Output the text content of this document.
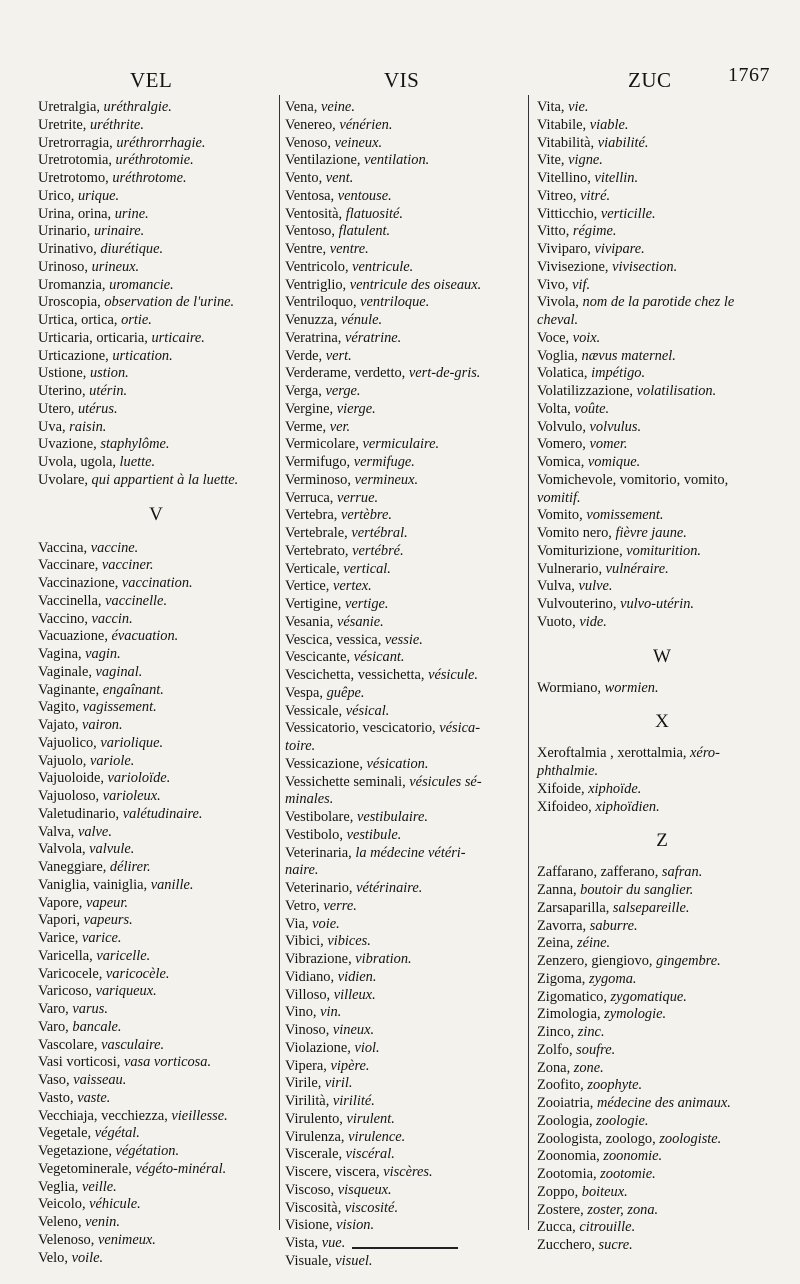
VEL	VIS	ZUC	1767
Uretralgia, uréthralgie.
Uretrite, uréthrite.
Uretrorragia, uréthrorrhagie.
Uretrotomia, uréthrotomie.
Uretrotomo, uréthrotome.
Urico, urique.
Urina, orina, urine.
Urinario, urinaire.
Urinativo, diurétique.
Urinoso, urineux.
Uromanzia, uromancie.
Uroscopia, observation de l'urine.
Urtica, ortica, ortie.
Urticaria, orticaria, urticaire.
Urticazione, urtication.
Ustione, ustion.
Uterino, utérin.
Utero, utérus.
Uva, raisin.
Uvazione, staphylôme.
Uvola, ugola, luette.
Uvolare, qui appartient à la luette.
V
Vaccina, vaccine.
Vaccinare, vacciner.
Vaccinazione, vaccination.
Vaccinella, vaccinelle.
Vaccino, vaccin.
Vacuazione, évacuation.
Vagina, vagin.
Vaginale, vaginal.
Vaginante, engaînant.
Vagito, vagissement.
Vajato, vairon.
Vajuolico, variolique.
Vajuolo, variole.
Vajuoloide, varioloïde.
Vajuoloso, varioleux.
Valetudinario, valétudinaire.
Valva, valve.
Valvola, valvule.
Vaneggiare, délirer.
Vaniglia, vainiglia, vanille.
Vapore, vapeur.
Vapori, vapeurs.
Varice, varice.
Varicella, varicelle.
Varicocele, varicocèle.
Varicoso, variqueux.
Varo, varus.
Varo, bancale.
Vascolare, vasculaire.
Vasi vorticosi, vasa vorticosa.
Vaso, vaisseau.
Vasto, vaste.
Vecchiaja, vecchiezza, vieillesse.
Vegetale, végétal.
Vegetazione, végétation.
Vegetominerale, végéto-minéral.
Veglia, veille.
Veicolo, véhicule.
Veleno, venin.
Velenoso, venimeux.
Velo, voile.
Vena, veine.
Venereo, vénérien.
Venoso, veineux.
Ventilazione, ventilation.
Vento, vent.
Ventosa, ventouse.
Ventosità, flatuosité.
Ventoso, flatulent.
Ventre, ventre.
Ventricolo, ventricule.
Ventriglio, ventricule des oiseaux.
Ventriloquo, ventriloque.
Venuzza, vénule.
Veratrina, vératrine.
Verde, vert.
Verderame, verdetto, vert-de-gris.
Verga, verge.
Vergine, vierge.
Verme, ver.
Vermicolare, vermiculaire.
Vermifugo, vermifuge.
Verminoso, vermineux.
Verruca, verrue.
Vertebra, vertèbre.
Vertebrale, vertébral.
Vertebrato, vertébré.
Verticale, vertical.
Vertice, vertex.
Vertigine, vertige.
Vesania, vésanie.
Vescica, vessica, vessie.
Vescicante, vésicant.
Vescichetta, vessichetta, vésicule.
Vespa, guêpe.
Vessicale, vésical.
Vessicatorio, vescicatorio, vésica-
toire.
Vessicazione, vésication.
Vessichette seminali, vésicules sé-
minales.
Vestibolare, vestibulaire.
Vestibolo, vestibule.
Veterinaria, la médecine vétéri-
naire.
Veterinario, vétérinaire.
Vetro, verre.
Via, voie.
Vibici, vibices.
Vibrazione, vibration.
Vidiano, vidien.
Villoso, villeux.
Vino, vin.
Vinoso, vineux.
Violazione, viol.
Vipera, vipère.
Virile, viril.
Virilità, virilité.
Virulento, virulent.
Virulenza, virulence.
Viscerale, viscéral.
Viscere, viscera, viscères.
Viscoso, visqueux.
Viscosità, viscosité.
Visione, vision.
Vista, vue.
Visuale, visuel.
Vita, vie.
Vitabile, viable.
Vitabilità, viabilité.
Vite, vigne.
Vitellino, vitellin.
Vitreo, vitré.
Vitticchio, verticille.
Vitto, régime.
Viviparo, vivipare.
Vivisezione, vivisection.
Vivo, vif.
Vivola, nom de la parotide chez le
cheval.
Voce, voix.
Voglia, nævus maternel.
Volatica, impétigo.
Volatilizzazione, volatilisation.
Volta, voûte.
Volvulo, volvulus.
Vomero, vomer.
Vomica, vomique.
Vomichevole, vomitorio, vomito,
vomitif.
Vomito, vomissement.
Vomito nero, fièvre jaune.
Vomiturizione, vomiturition.
Vulnerario, vulnéraire.
Vulva, vulve.
Vulvouterino, vulvo-utérin.
Vuoto, vide.
W
Wormiano, wormien.
X
Xeroftalmia , xerottalmia, xéro-
phthalmie.
Xifoide, xiphoïde.
Xifoideo, xiphoïdien.
Z
Zaffarano, zafferano, safran.
Zanna, boutoir du sanglier.
Zarsaparilla, salsepareille.
Zavorra, saburre.
Zeina, zéine.
Zenzero, giengiovo, gingembre.
Zigoma, zygoma.
Zigomatico, zygomatique.
Zimologia, zymologie.
Zinco, zinc.
Zolfo, soufre.
Zona, zone.
Zoofito, zoophyte.
Zooiatria, médecine des animaux.
Zoologia, zoologie.
Zoologista, zoologo, zoologiste.
Zoonomia, zoonomie.
Zootomia, zootomie.
Zoppo, boiteux.
Zostere, zoster, zona.
Zucca, citrouille.
Zucchero, sucre.
